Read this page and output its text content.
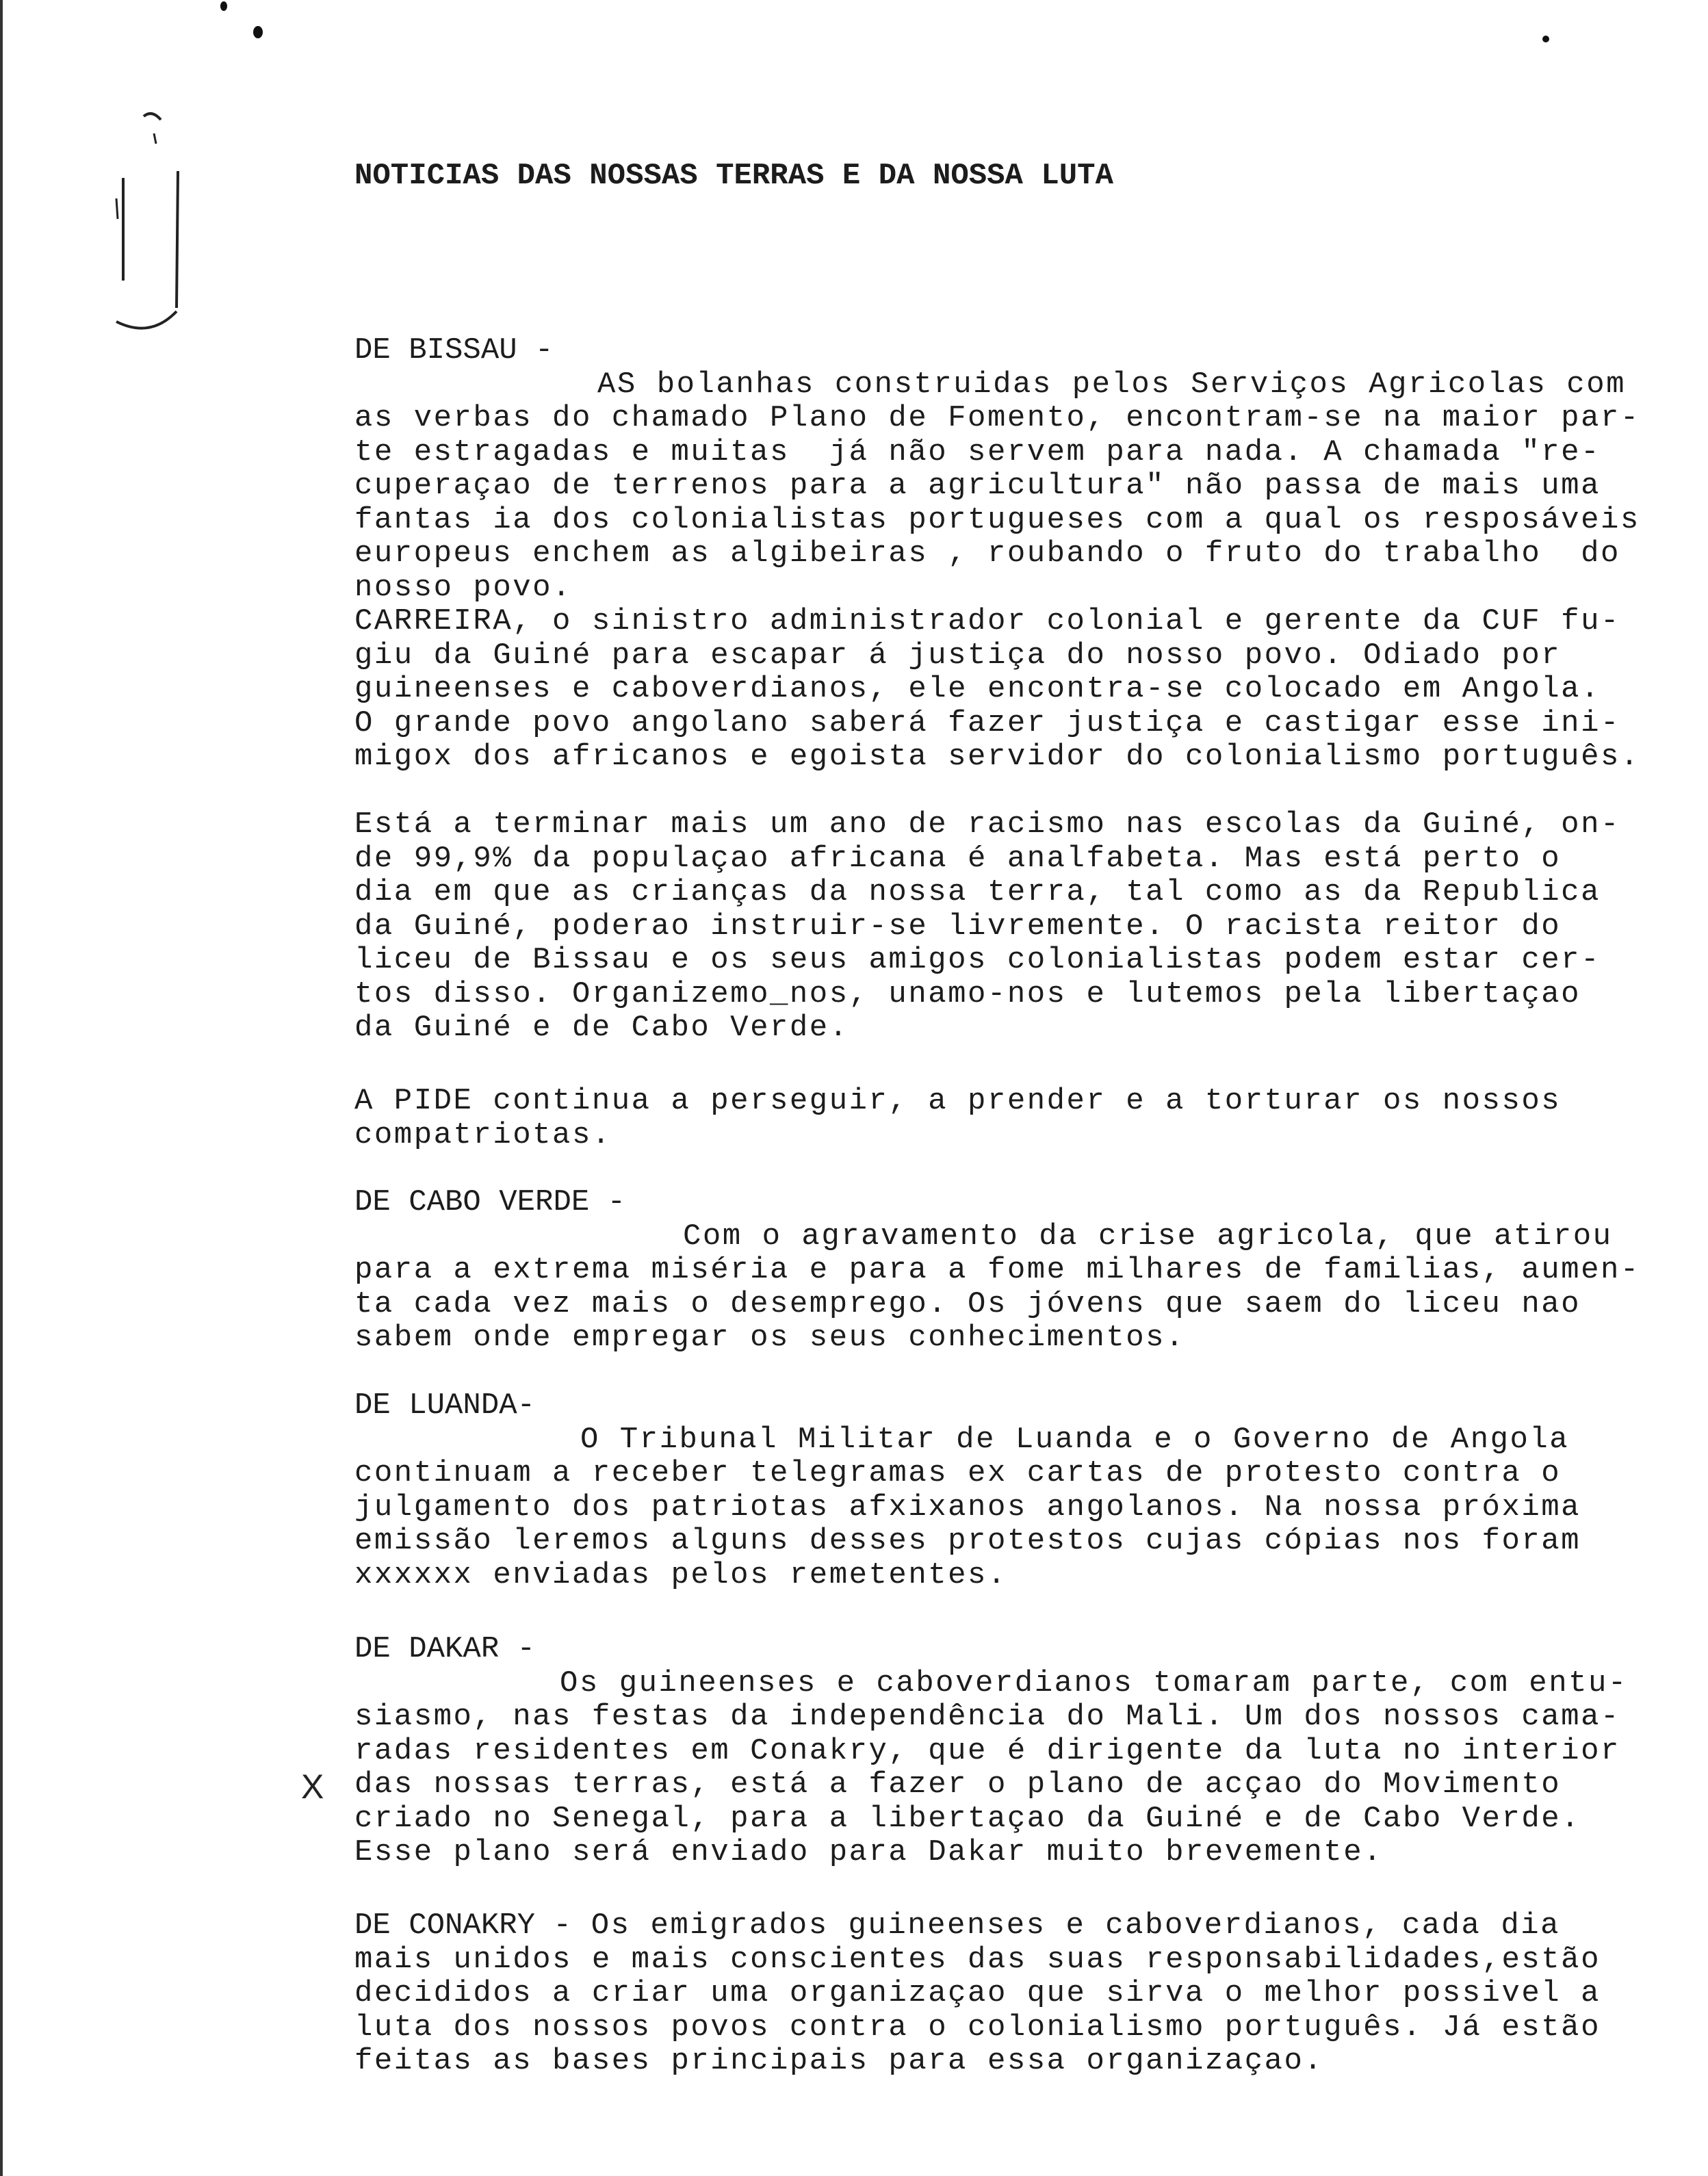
NOTICIAS DAS NOSSAS TERRAS E DA NOSSA LUTA
DE BISSAU -
AS bolanhas construidas pelos Serviços Agricolas com
as verbas do chamado Plano de Fomento, encontram-se na maior par-
te estragadas e muitas  já não servem para nada. A chamada "re-
cuperaçao de terrenos para a agricultura" não passa de mais uma
fantas ia dos colonialistas portugueses com a qual os resposáveis
europeus enchem as algibeiras , roubando o fruto do trabalho  do
nosso povo.
CARREIRA, o sinistro administrador colonial e gerente da CUF fu-
giu da Guiné para escapar á justiça do nosso povo. Odiado por
guineenses e caboverdianos, ele encontra-se colocado em Angola.
O grande povo angolano saberá fazer justiça e castigar esse ini-
migox dos africanos e egoista servidor do colonialismo português.
Está a terminar mais um ano de racismo nas escolas da Guiné, on-
de 99,9% da populaçao africana é analfabeta. Mas está perto o
dia em que as crianças da nossa terra, tal como as da Republica
da Guiné, poderao instruir-se livremente. O racista reitor do
liceu de Bissau e os seus amigos colonialistas podem estar cer-
tos disso. Organizemo_nos, unamo-nos e lutemos pela libertaçao
da Guiné e de Cabo Verde.
A PIDE continua a perseguir, a prender e a torturar os nossos
compatriotas.
DE CABO VERDE -
Com o agravamento da crise agricola, que atirou
para a extrema miséria e para a fome milhares de familias, aumen-
ta cada vez mais o desemprego. Os jóvens que saem do liceu nao
sabem onde empregar os seus conhecimentos.
DE LUANDA-
O Tribunal Militar de Luanda e o Governo de Angola
continuam a receber telegramas ex cartas de protesto contra o
julgamento dos patriotas afxixanos angolanos. Na nossa próxima
emissão leremos alguns desses protestos cujas cópias nos foram
xxxxxx enviadas pelos remetentes.
DE DAKAR -
Os guineenses e caboverdianos tomaram parte, com entu-
siasmo, nas festas da independência do Mali. Um dos nossos cama-
radas residentes em Conakry, que é dirigente da luta no interior
das nossas terras, está a fazer o plano de acçao do Movimento
criado no Senegal, para a libertaçao da Guiné e de Cabo Verde.
Esse plano será enviado para Dakar muito brevemente.
X
DE CONAKRY - Os emigrados guineenses e caboverdianos, cada dia
mais unidos e mais conscientes das suas responsabilidades,estão
decididos a criar uma organizaçao que sirva o melhor possivel a
luta dos nossos povos contra o colonialismo português. Já estão
feitas as bases principais para essa organizaçao.
